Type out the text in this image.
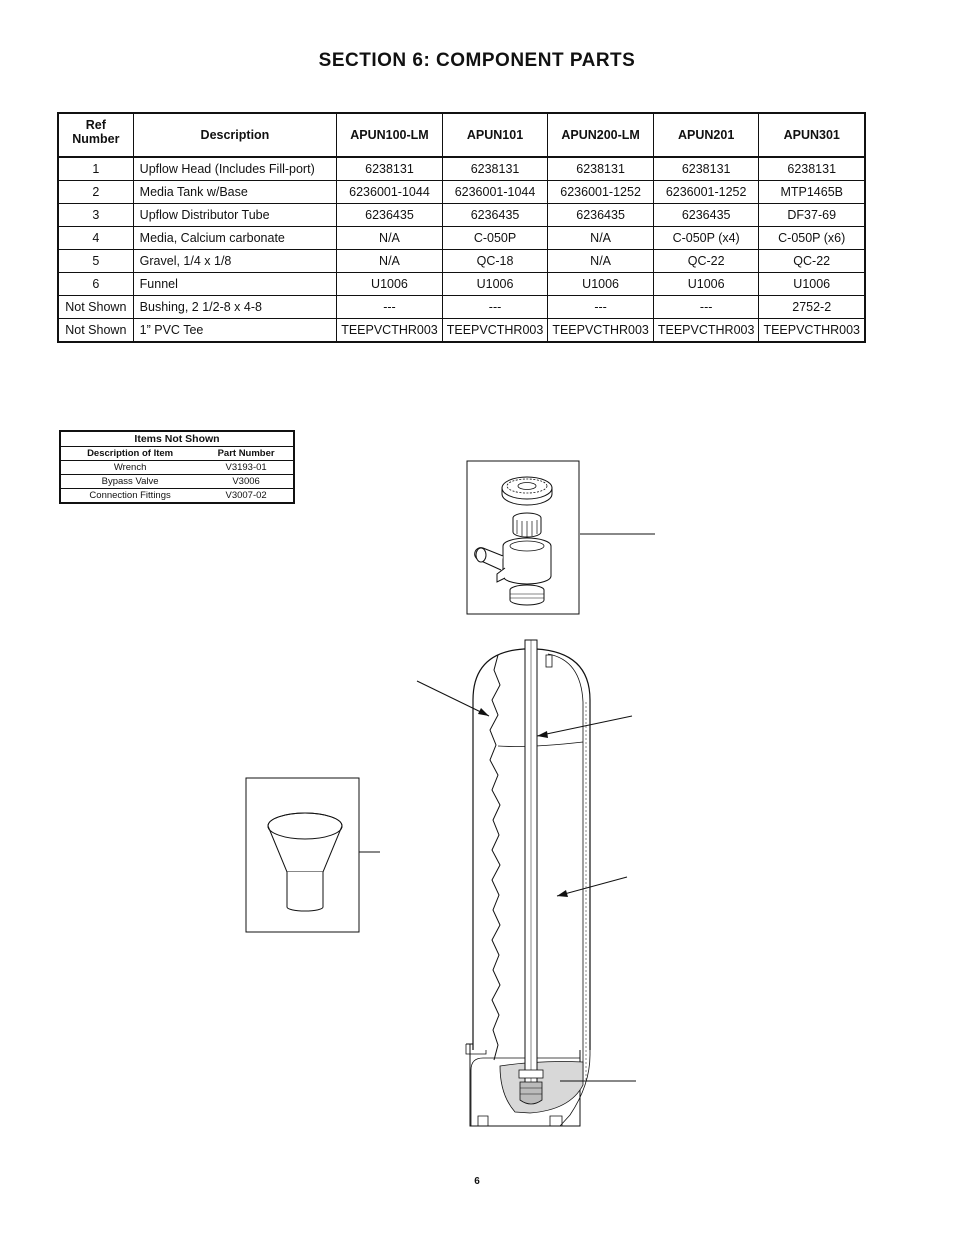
SECTION 6: COMPONENT PARTS
Ref Number	Description	APUN100-LM	APUN101	APUN200-LM	APUN201	APUN301
1	Upflow Head (Includes Fill-port)	6238131	6238131	6238131	6238131	6238131
2	Media Tank w/Base	6236001-1044	6236001-1044	6236001-1252	6236001-1252	MTP1465B
3	Upflow Distributor Tube	6236435	6236435	6236435	6236435	DF37-69
4	Media, Calcium carbonate	N/A	C-050P	N/A	C-050P (x4)	C-050P (x6)
5	Gravel, 1/4 x 1/8	N/A	QC-18	N/A	QC-22	QC-22
6	Funnel	U1006	U1006	U1006	U1006	U1006
Not Shown	Bushing, 2 1/2-8 x 4-8	---	---	---	---	2752-2
Not Shown	1” PVC Tee	TEEPVCTHR003	TEEPVCTHR003	TEEPVCTHR003	TEEPVCTHR003	TEEPVCTHR003
Items Not Shown	
Description of Item	Part Number
Wrench	V3193-01
Bypass Valve	V3006
Connection Fittings	V3007-02
6
